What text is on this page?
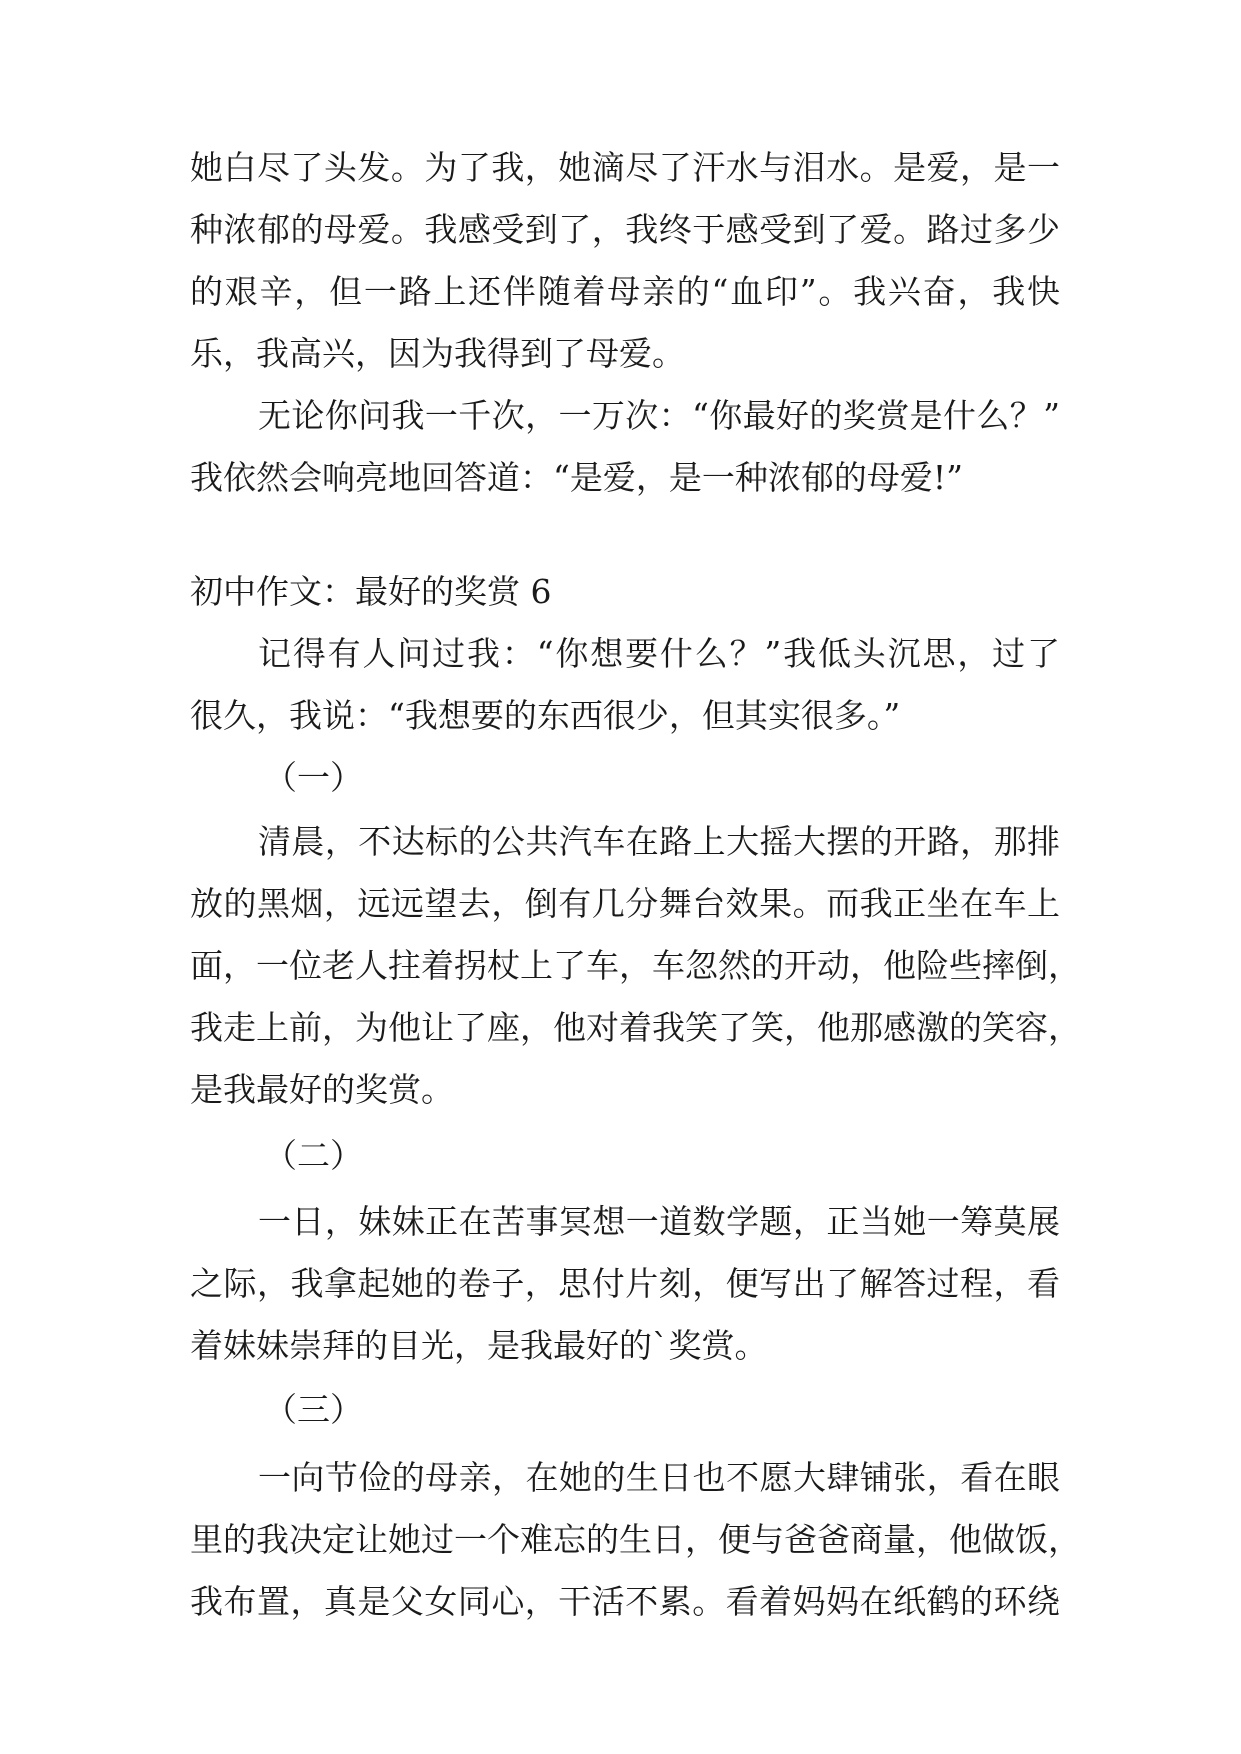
她白尽了头发。为了我，她滴尽了汗水与泪水。是爱，是一
种浓郁的母爱。我感受到了，我终于感受到了爱。路过多少
的艰辛，但一路上还伴随着母亲的“血印”。我兴奋，我快
乐，我高兴，因为我得到了母爱。
无论你问我一千次，一万次：“你最好的奖赏是什么？”
我依然会响亮地回答道：“是爱，是一种浓郁的母爱!”
初中作文：最好的奖赏 6
记得有人问过我：“你想要什么？”我低头沉思，过了
很久，我说：“我想要的东西很少，但其实很多。”
（一）
清晨，不达标的公共汽车在路上大摇大摆的开路，那排
放的黑烟，远远望去，倒有几分舞台效果。而我正坐在车上
面，一位老人拄着拐杖上了车，车忽然的开动，他险些摔倒，
我走上前，为他让了座，他对着我笑了笑，他那感激的笑容，
是我最好的奖赏。
（二）
一日，妹妹正在苦事冥想一道数学题，正当她一筹莫展
之际，我拿起她的卷子，思付片刻，便写出了解答过程，看
着妹妹崇拜的目光，是我最好的`奖赏。
（三）
一向节俭的母亲，在她的生日也不愿大肆铺张，看在眼
里的我决定让她过一个难忘的生日，便与爸爸商量，他做饭，
我布置，真是父女同心，干活不累。看着妈妈在纸鹤的环绕
